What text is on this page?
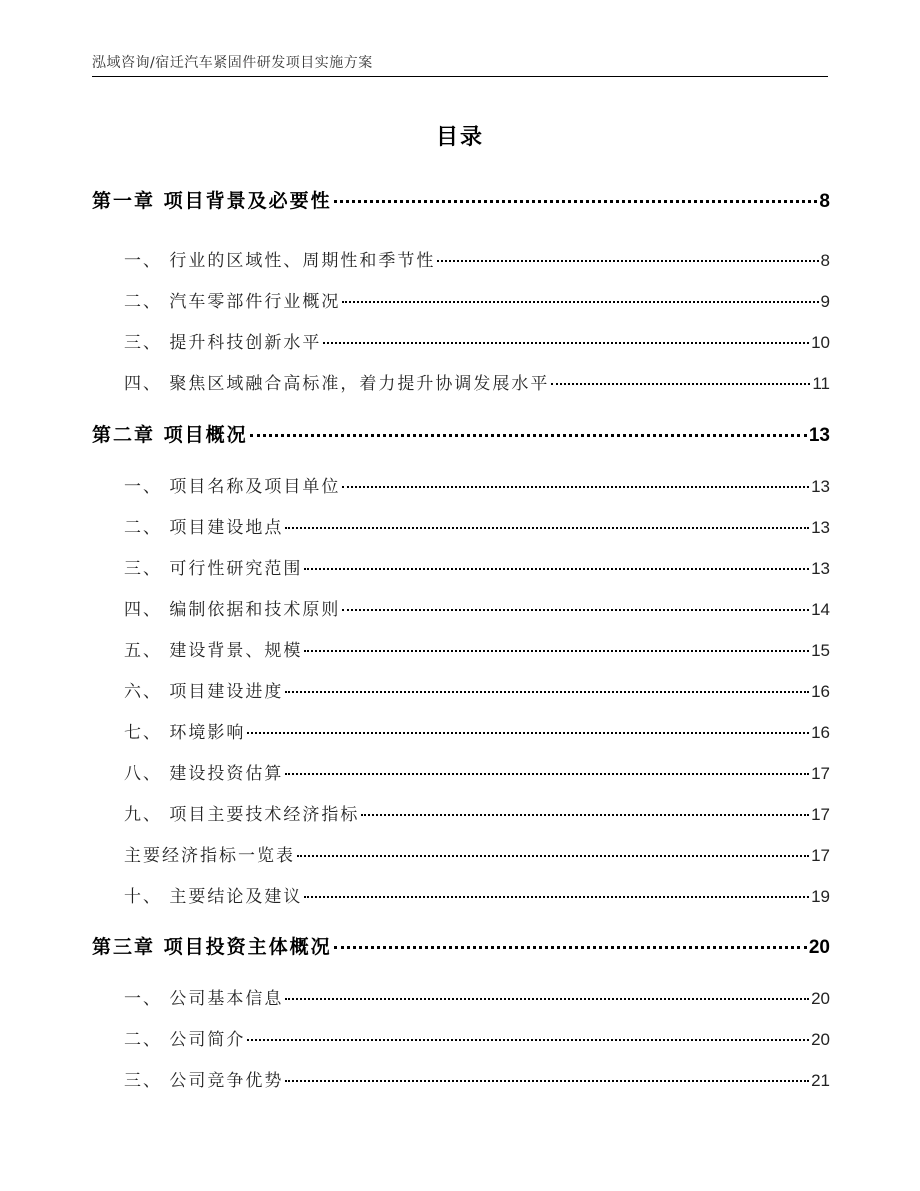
泓域咨询/宿迁汽车紧固件研发项目实施方案
目录
第一章 项目背景及必要性	8
一、 行业的区域性、周期性和季节性	8
二、 汽车零部件行业概况	9
三、 提升科技创新水平	10
四、 聚焦区域融合高标准，着力提升协调发展水平	11
第二章 项目概况	13
一、 项目名称及项目单位	13
二、 项目建设地点	13
三、 可行性研究范围	13
四、 编制依据和技术原则	14
五、 建设背景、规模	15
六、 项目建设进度	16
七、 环境影响	16
八、 建设投资估算	17
九、 项目主要技术经济指标	17
主要经济指标一览表	17
十、 主要结论及建议	19
第三章 项目投资主体概况	20
一、 公司基本信息	20
二、 公司简介	20
三、 公司竞争优势	21
